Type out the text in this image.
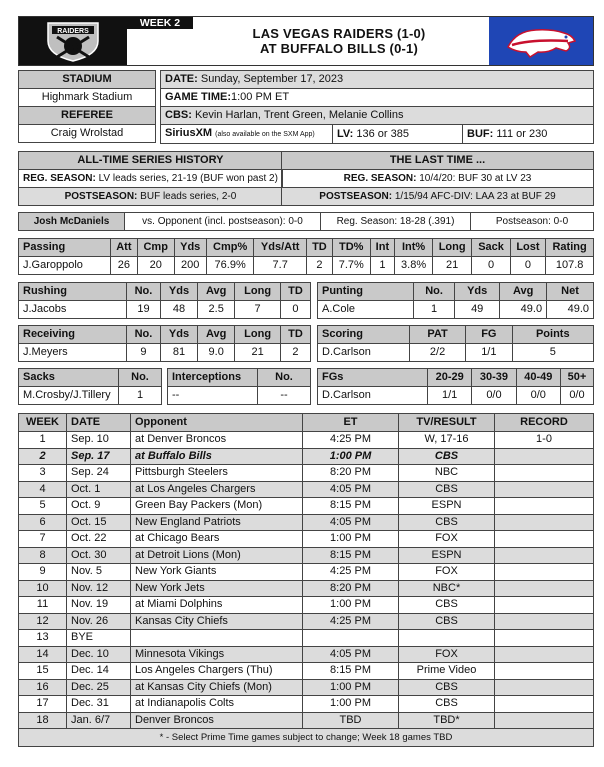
RAIDERS
WEEK 2
LAS VEGAS RAIDERS (1-0)
AT BUFFALO BILLS (0-1)
STADIUM
Highmark Stadium
REFEREE
Craig Wrolstad
DATE: Sunday, September 17, 2023
GAME TIME:1:00 PM ET
CBS: Kevin Harlan, Trent Green, Melanie Collins
SiriusXM (also available on the SXM App)	LV: 136 or 385	BUF: 111 or 230
ALL-TIME SERIES HISTORY
REG. SEASON: LV leads series, 21-19 (BUF won past 2)
POSTSEASON: BUF leads series, 2-0
THE LAST TIME ...
REG. SEASON: 10/4/20: BUF 30 at LV 23
POSTSEASON: 1/15/94 AFC-DIV: LAA 23 at BUF 29
Josh McDaniels	vs. Opponent (incl. postseason): 0-0	Reg. Season: 18-28 (.391)	Postseason: 0-0
Passing	Att	Cmp	Yds	Cmp%	Yds/Att	TD	TD%	Int	Int%	Long	Sack	Lost	Rating
J.Garoppolo	26	20	200	76.9%	7.7	2	7.7%	1	3.8%	21	0	0	107.8
Rushing	No.	Yds	Avg	Long	TD
J.Jacobs	19	48	2.5	7	0
Punting	No.	Yds	Avg	Net
A.Cole	1	49	49.0	49.0
Receiving	No.	Yds	Avg	Long	TD
J.Meyers	9	81	9.0	21	2
Scoring	PAT	FG	Points
D.Carlson	2/2	1/1	5
Sacks	No.
M.Crosby/J.Tillery	1
Interceptions	No.
--	--
FGs	20-29	30-39	40-49	50+
D.Carlson	1/1	0/0	0/0	0/0
WEEK	DATE	Opponent	ET	TV/RESULT	RECORD
1	Sep. 10	at Denver Broncos	4:25 PM	W, 17-16	1-0
2	Sep. 17	at Buffalo Bills	1:00 PM	CBS	
3	Sep. 24	Pittsburgh Steelers	8:20 PM	NBC	
4	Oct. 1	at Los Angeles Chargers	4:05 PM	CBS	
5	Oct. 9	Green Bay Packers (Mon)	8:15 PM	ESPN	
6	Oct. 15	New England Patriots	4:05 PM	CBS	
7	Oct. 22	at Chicago Bears	1:00 PM	FOX	
8	Oct. 30	at Detroit Lions (Mon)	8:15 PM	ESPN	
9	Nov. 5	New York Giants	4:25 PM	FOX	
10	Nov. 12	New York Jets	8:20 PM	NBC*	
11	Nov. 19	at Miami Dolphins	1:00 PM	CBS	
12	Nov. 26	Kansas City Chiefs	4:25 PM	CBS	
13	BYE				
14	Dec. 10	Minnesota Vikings	4:05 PM	FOX	
15	Dec. 14	Los Angeles Chargers (Thu)	8:15 PM	Prime Video	
16	Dec. 25	at Kansas City Chiefs (Mon)	1:00 PM	CBS	
17	Dec. 31	at Indianapolis Colts	1:00 PM	CBS	
18	Jan. 6/7	Denver Broncos	TBD	TBD*	
* - Select Prime Time games subject to change; Week 18 games TBD					
